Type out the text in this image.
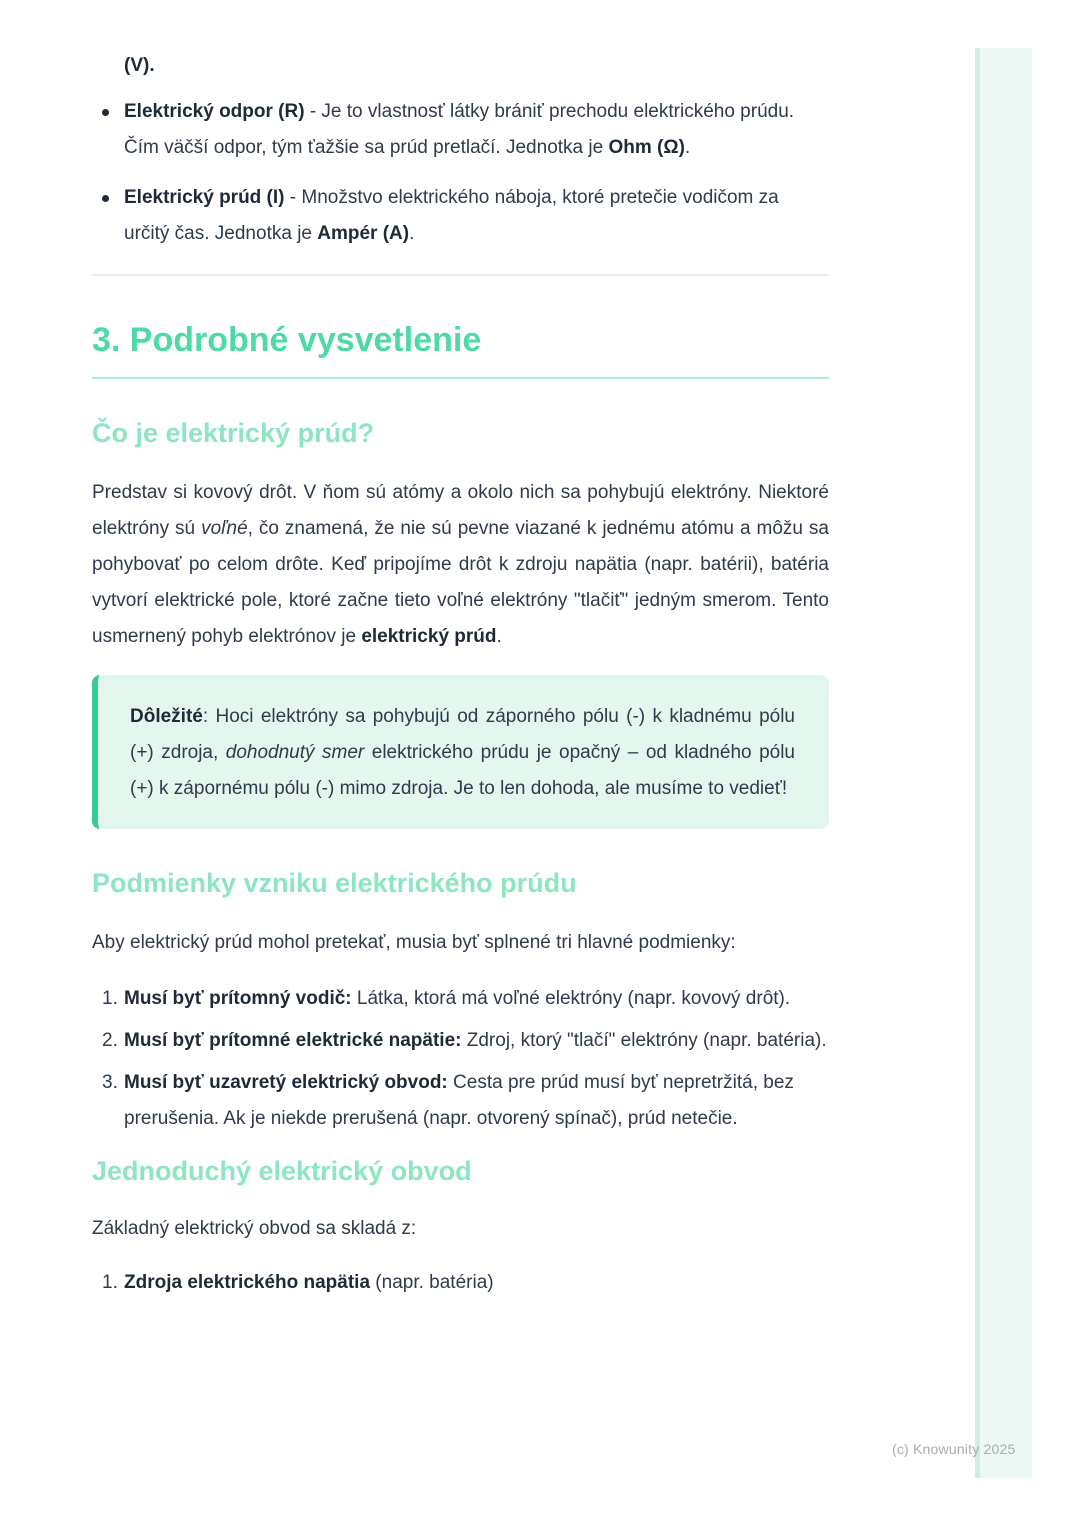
(V).
Elektrický odpor (R) - Je to vlastnosť látky brániť prechodu elektrického prúdu. Čím väčší odpor, tým ťažšie sa prúd pretlačí. Jednotka je Ohm (Ω).
Elektrický prúd (I) - Množstvo elektrického náboja, ktoré pretečie vodičom za určitý čas. Jednotka je Ampér (A).
3. Podrobné vysvetlenie
Čo je elektrický prúd?
Predstav si kovový drôt. V ňom sú atómy a okolo nich sa pohybujú elektróny. Niektoré elektróny sú voľné, čo znamená, že nie sú pevne viazané k jednému atómu a môžu sa pohybovať po celom drôte. Keď pripojíme drôt k zdroju napätia (napr. batérii), batéria vytvorí elektrické pole, ktoré začne tieto voľné elektróny "tlačiť" jedným smerom. Tento usmernený pohyb elektrónov je elektrický prúd.
Dôležité: Hoci elektróny sa pohybujú od záporného pólu (-) k kladnému pólu (+) zdroja, dohodnutý smer elektrického prúdu je opačný – od kladného pólu (+) k zápornému pólu (-) mimo zdroja. Je to len dohoda, ale musíme to vedieť!
Podmienky vzniku elektrického prúdu
Aby elektrický prúd mohol pretekať, musia byť splnené tri hlavné podmienky:
1. Musí byť prítomný vodič: Látka, ktorá má voľné elektróny (napr. kovový drôt).
2. Musí byť prítomné elektrické napätie: Zdroj, ktorý "tlačí" elektróny (napr. batéria).
3. Musí byť uzavretý elektrický obvod: Cesta pre prúd musí byť nepretržitá, bez prerušenia. Ak je niekde prerušená (napr. otvorený spínač), prúd netečie.
Jednoduchý elektrický obvod
Základný elektrický obvod sa skladá z:
1. Zdroja elektrického napätia (napr. batéria)
(c) Knowunity 2025
